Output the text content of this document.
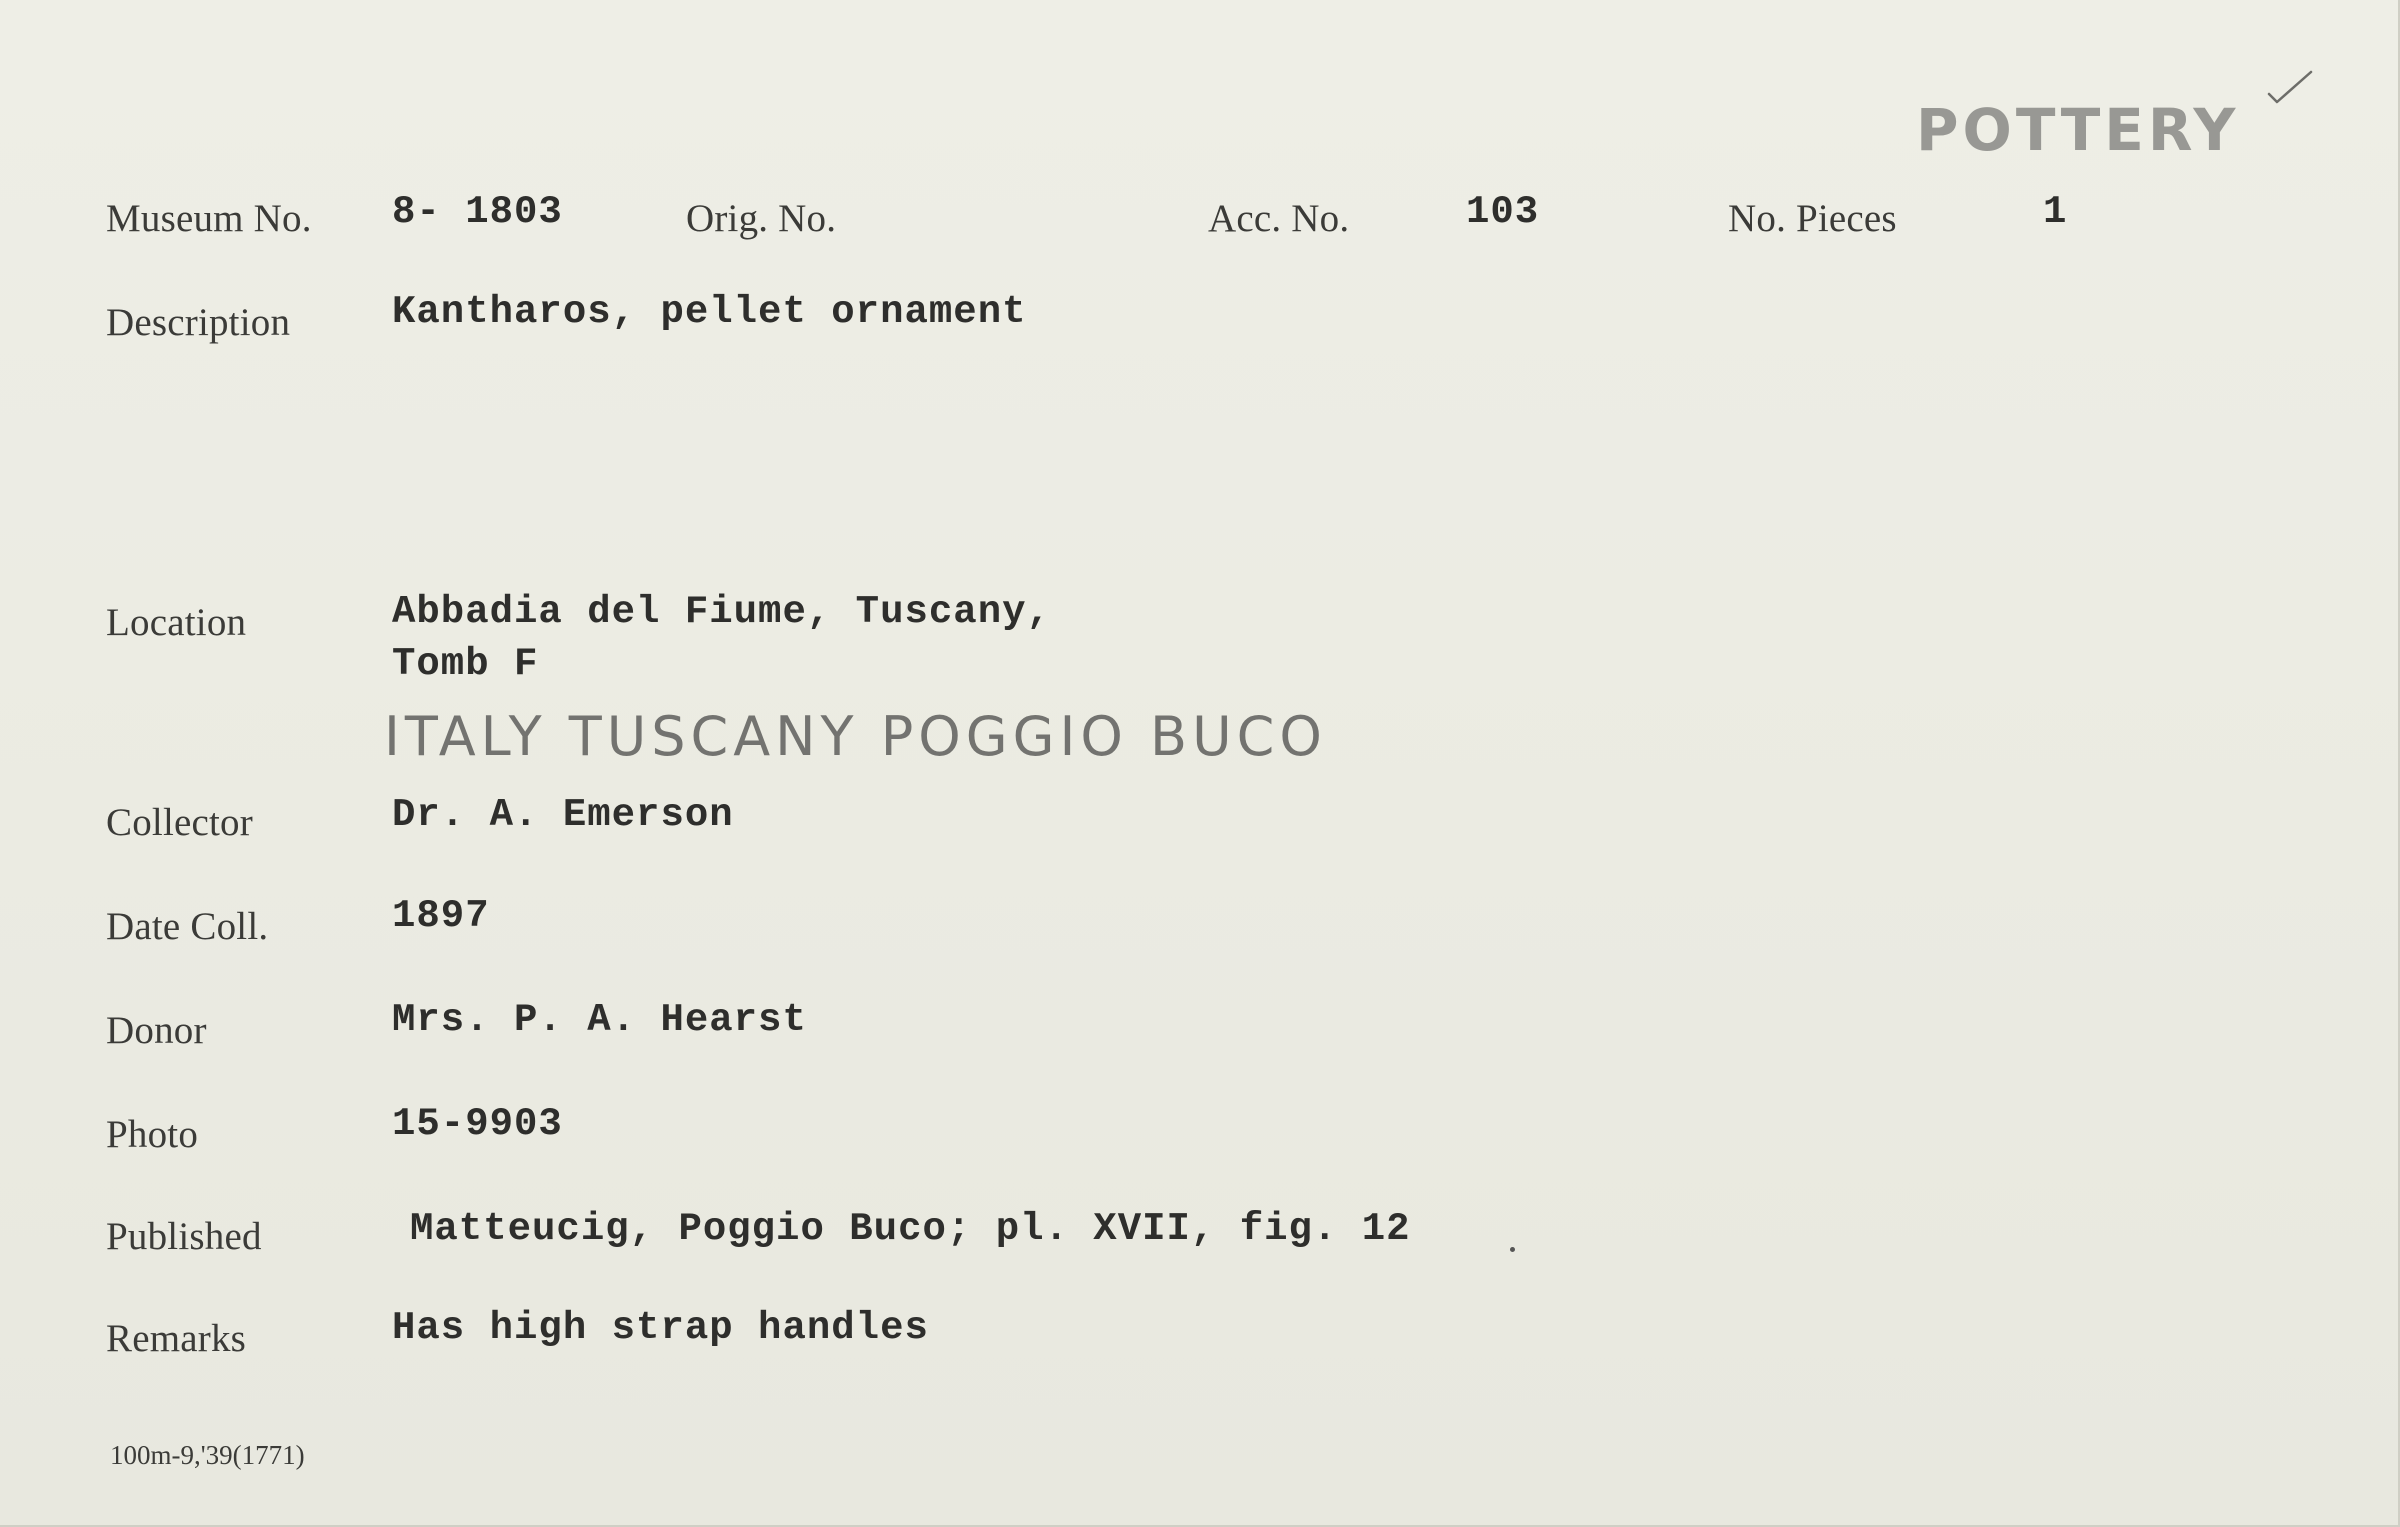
POTTERY
Museum No. 8- 1803	Orig. No.	Acc. No.	103	No. Pieces	1
Description	Kantharos, pellet ornament
Location	Abbadia del Fiume, Tuscany,
Tomb F
ITALY TUSCANY POGGIO BUCO
Collector	Dr. A. Emerson
Date Coll.	1897
Donor	Mrs. P. A. Hearst
Photo	15-9903
Published	Matteucig, Poggio Buco; pl. XVII, fig. 12
Remarks	Has high strap handles
100m-9,'39(1771)
